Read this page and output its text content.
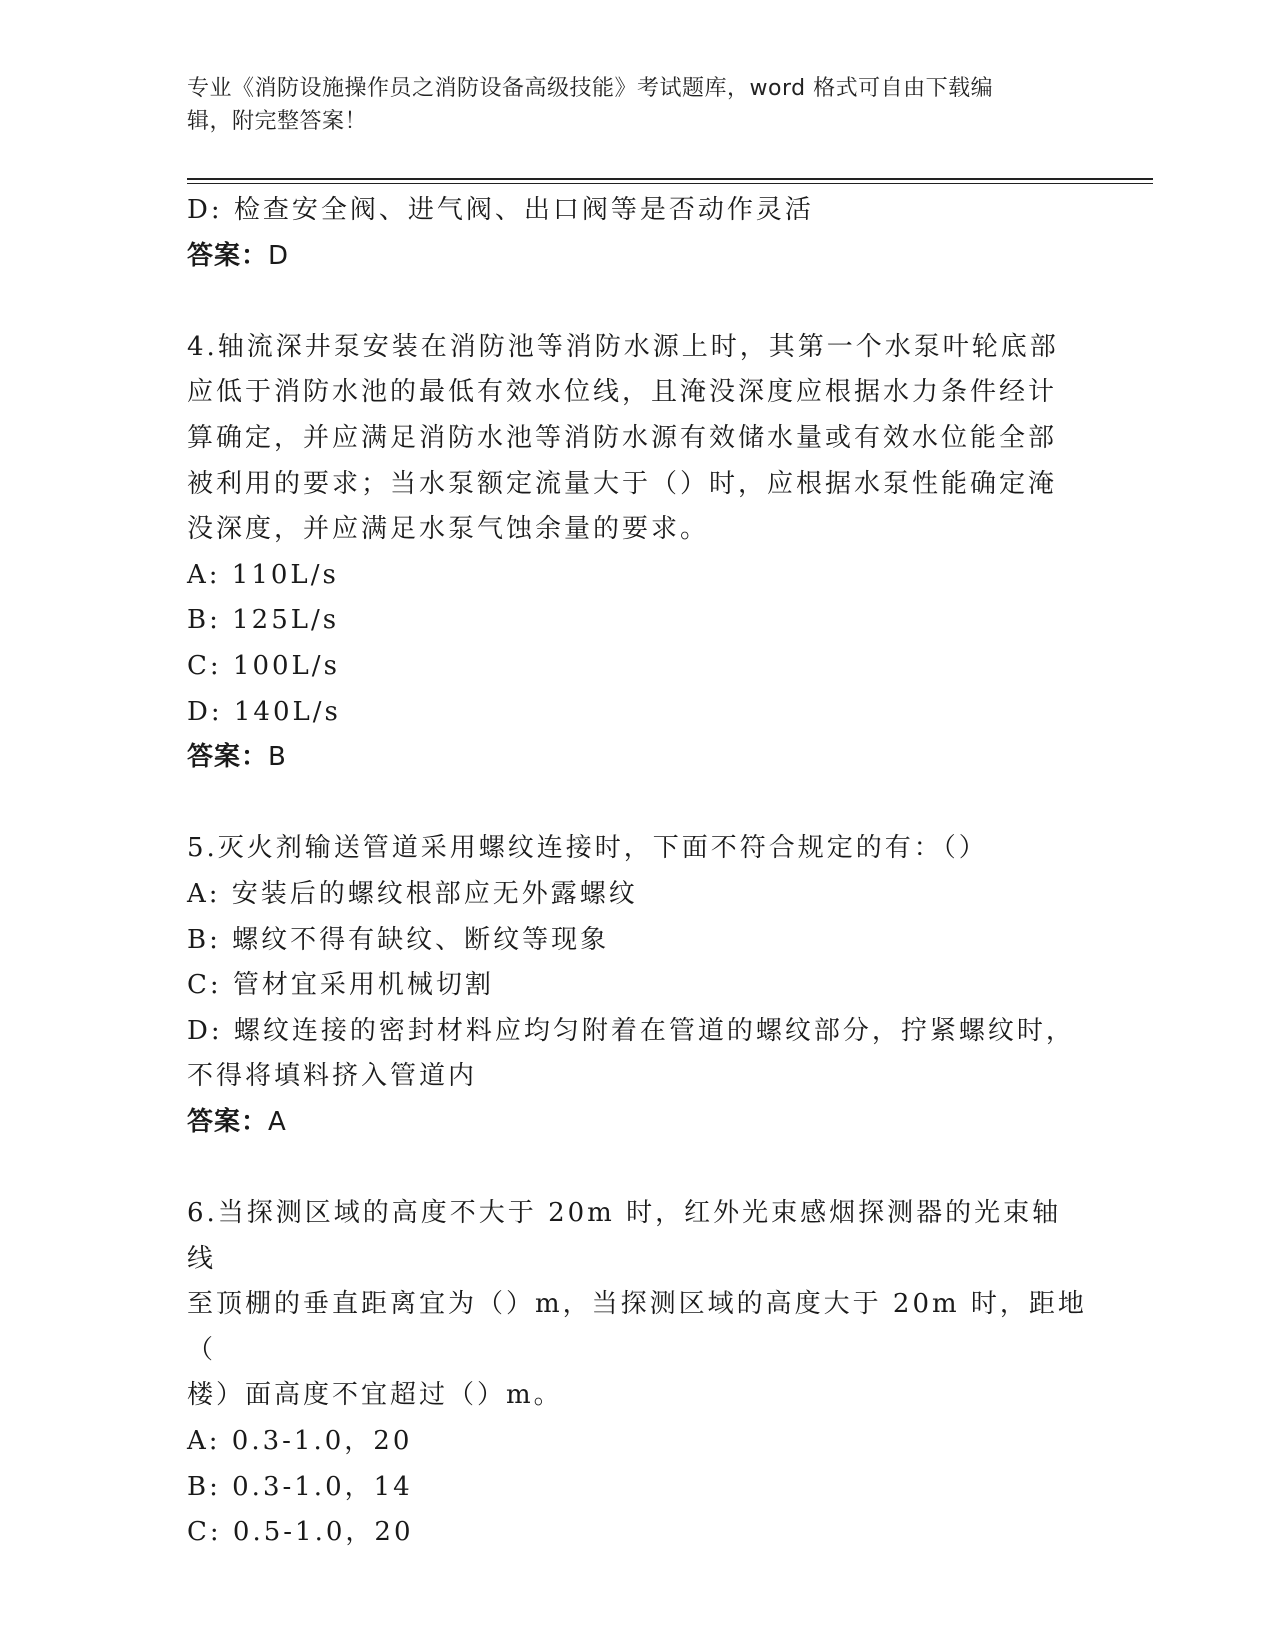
专业《消防设施操作员之消防设备高级技能》考试题库，word 格式可自由下载编
辑，附完整答案！
D: 检查安全阀、进气阀、出口阀等是否动作灵活
答案：D
4.轴流深井泵安装在消防池等消防水源上时，其第一个水泵叶轮底部
应低于消防水池的最低有效水位线，且淹没深度应根据水力条件经计
算确定，并应满足消防水池等消防水源有效储水量或有效水位能全部
被利用的要求；当水泵额定流量大于（）时，应根据水泵性能确定淹
没深度，并应满足水泵气蚀余量的要求。
A: 110L/s
B: 125L/s
C: 100L/s
D: 140L/s
答案：B
5.灭火剂输送管道采用螺纹连接时，下面不符合规定的有：（）
A: 安装后的螺纹根部应无外露螺纹
B: 螺纹不得有缺纹、断纹等现象
C: 管材宜采用机械切割
D: 螺纹连接的密封材料应均匀附着在管道的螺纹部分，拧紧螺纹时，
不得将填料挤入管道内
答案：A
6.当探测区域的高度不大于 20m 时，红外光束感烟探测器的光束轴线
至顶棚的垂直距离宜为（）m，当探测区域的高度大于 20m 时，距地（
楼）面高度不宜超过（）m。
A: 0.3-1.0，20
B: 0.3-1.0，14
C: 0.5-1.0，20
